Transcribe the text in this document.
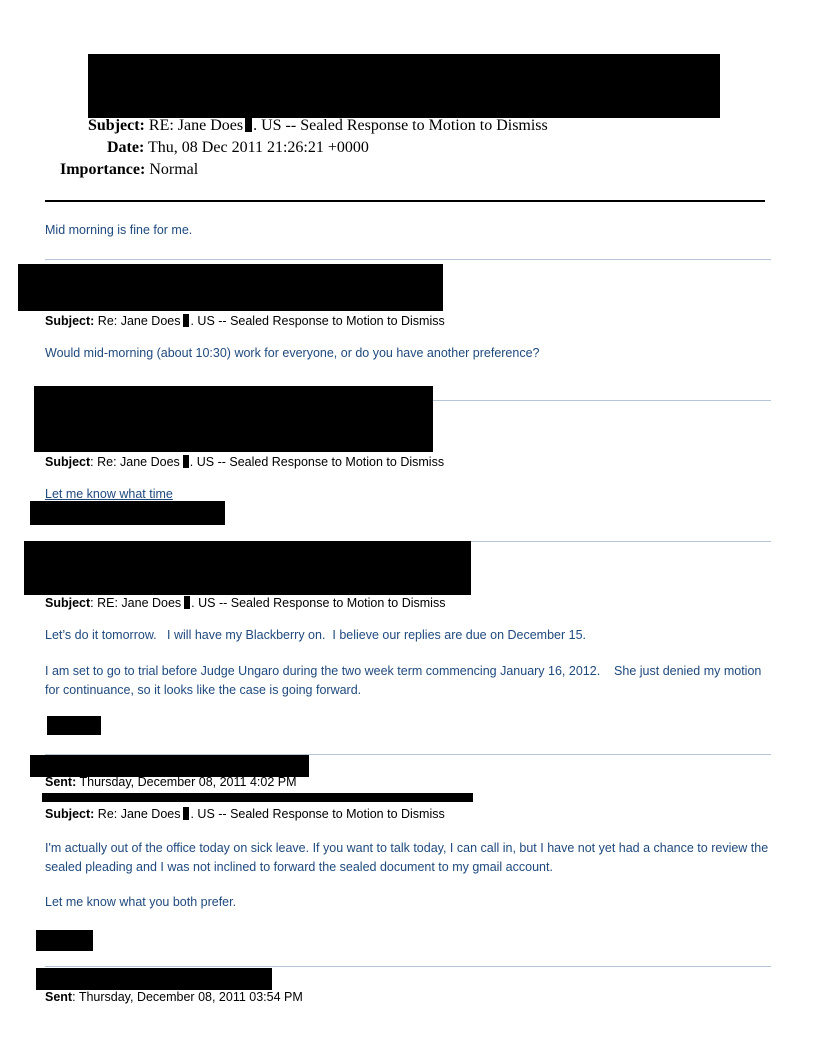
Subject: RE: Jane Does . US -- Sealed Response to Motion to Dismiss
Date: Thu, 08 Dec 2011 21:26:21 +0000
Importance: Normal
Mid morning is fine for me.
Subject: Re: Jane Does . US -- Sealed Response to Motion to Dismiss
Would mid-morning (about 10:30) work for everyone, or do you have another preference?
Subject: Re: Jane Does . US -- Sealed Response to Motion to Dismiss
Let me know what time
Subject: RE: Jane Does . US -- Sealed Response to Motion to Dismiss
Let’s do it tomorrow.   I will have my Blackberry on.  I believe our replies are due on December 15.
I am set to go to trial before Judge Ungaro during the two week term commencing January 16, 2012.    She just denied my motion for continuance, so it looks like the case is going forward.
Sent: Thursday, December 08, 2011 4:02 PM
Subject: Re: Jane Does . US -- Sealed Response to Motion to Dismiss
I'm actually out of the office today on sick leave. If you want to talk today, I can call in, but I have not yet had a chance to review the sealed pleading and I was not inclined to forward the sealed document to my gmail account.
Let me know what you both prefer.
Sent: Thursday, December 08, 2011 03:54 PM
